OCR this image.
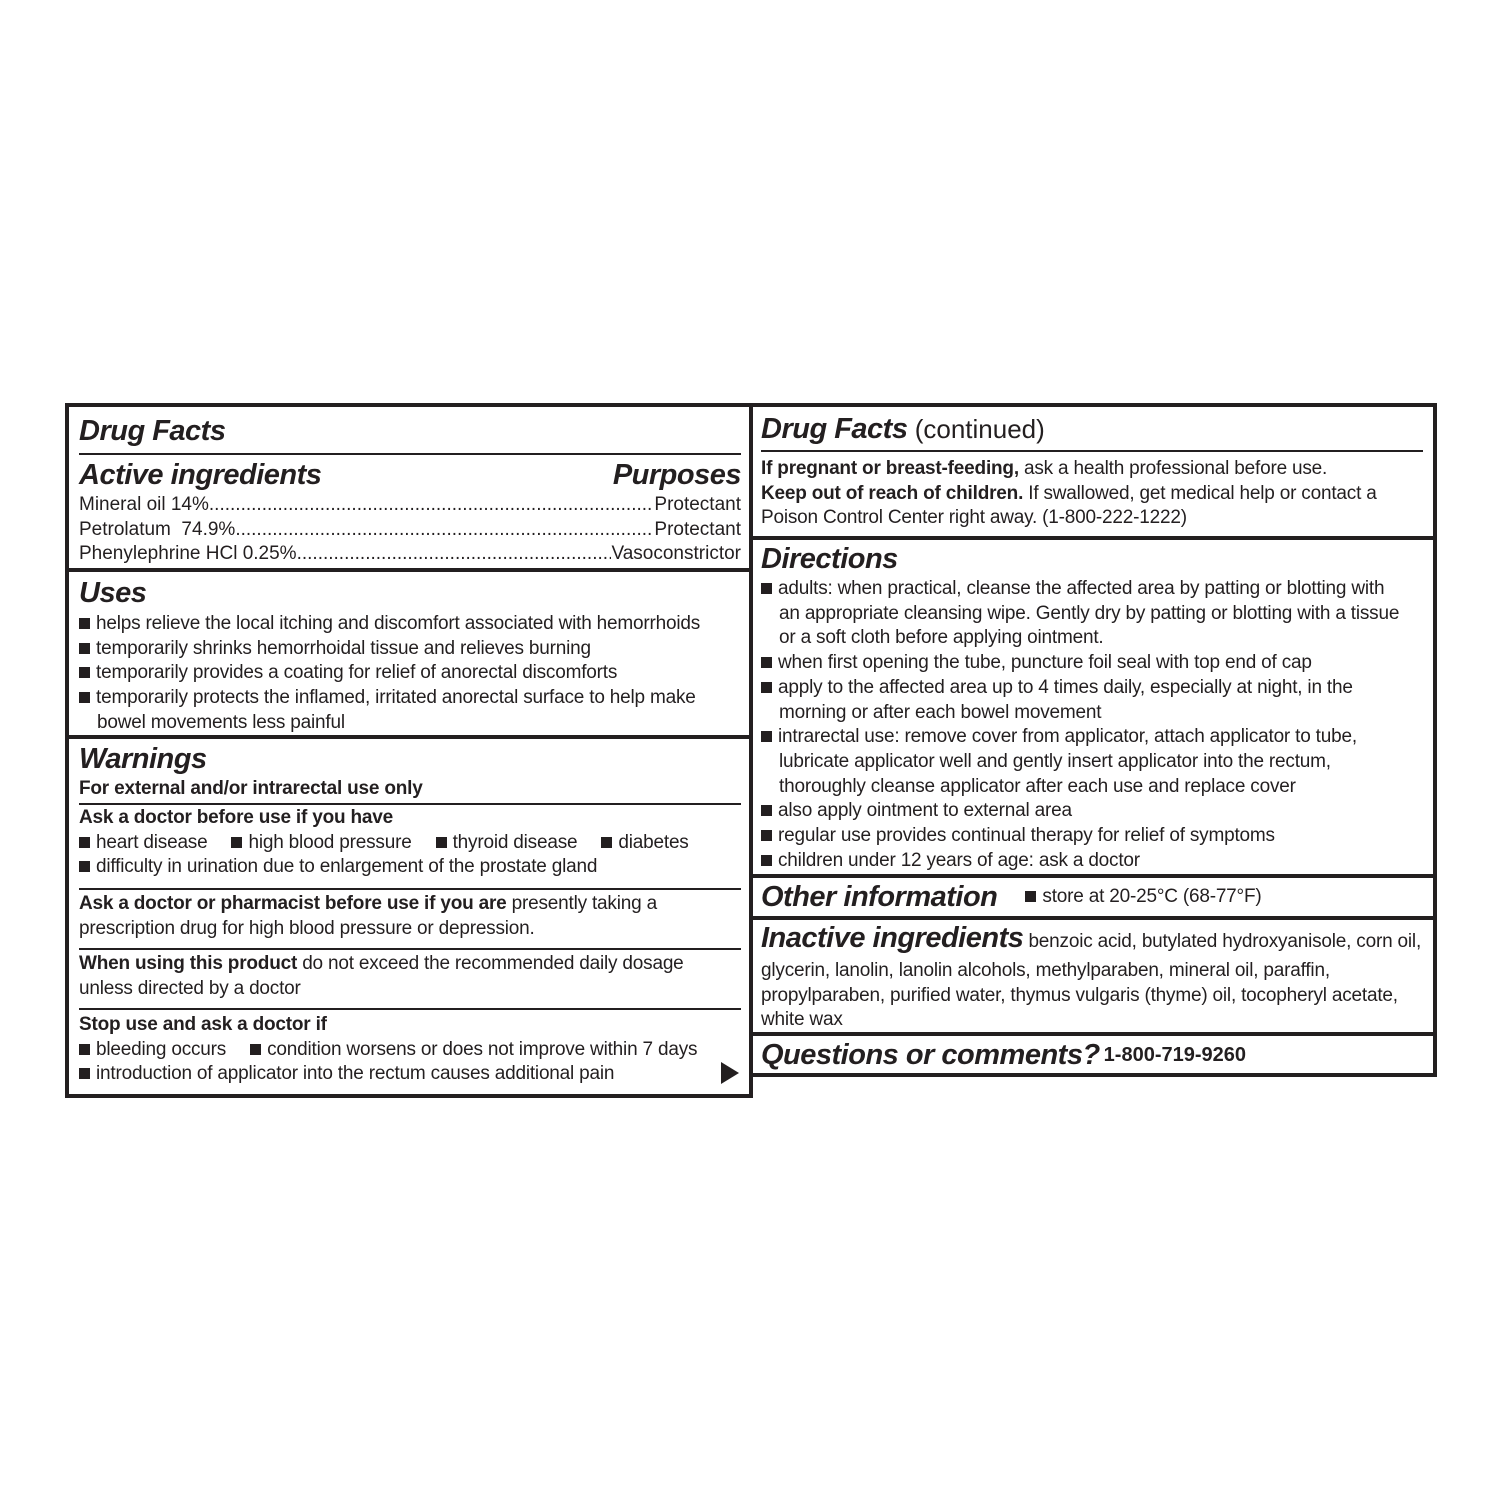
Drug Facts
Active ingredients	Purposes
Mineral oil 14% .....	Protectant
Petrolatum  74.9% .....	Protectant
Phenylephrine HCl 0.25% .....	Vasoconstrictor
Uses
helps relieve the local itching and discomfort associated with hemorrhoids
temporarily shrinks hemorrhoidal tissue and relieves burning
temporarily provides a coating for relief of anorectal discomforts
temporarily protects the inflamed, irritated anorectal surface to help make
bowel movements less painful
Warnings
For external and/or intrarectal use only
Ask a doctor before use if you have
heart disease high blood pressure thyroid disease diabetes
difficulty in urination due to enlargement of the prostate gland
Ask a doctor or pharmacist before use if you are presently taking a
prescription drug for high blood pressure or depression.
When using this product do not exceed the recommended daily dosage
unless directed by a doctor
Stop use and ask a doctor if
bleeding occurs condition worsens or does not improve within 7 days
introduction of applicator into the rectum causes additional pain
Drug Facts (continued)
If pregnant or breast-feeding, ask a health professional before use.
Keep out of reach of children. If swallowed, get medical help or contact a
Poison Control Center right away. (1-800-222-1222)
Directions
adults: when practical, cleanse the affected area by patting or blotting with
an appropriate cleansing wipe. Gently dry by patting or blotting with a tissue
or a soft cloth before applying ointment.
when first opening the tube, puncture foil seal with top end of cap
apply to the affected area up to 4 times daily, especially at night, in the
morning or after each bowel movement
intrarectal use: remove cover from applicator, attach applicator to tube,
lubricate applicator well and gently insert applicator into the rectum,
thoroughly cleanse applicator after each use and replace cover
also apply ointment to external area
regular use provides continual therapy for relief of symptoms
children under 12 years of age: ask a doctor
Other information	store at 20-25°C (68-77°F)
Inactive ingredients benzoic acid, butylated hydroxyanisole, corn oil,
glycerin, lanolin, lanolin alcohols, methylparaben, mineral oil, paraffin,
propylparaben, purified water, thymus vulgaris (thyme) oil, tocopheryl acetate,
white wax
Questions or comments? 1-800-719-9260
